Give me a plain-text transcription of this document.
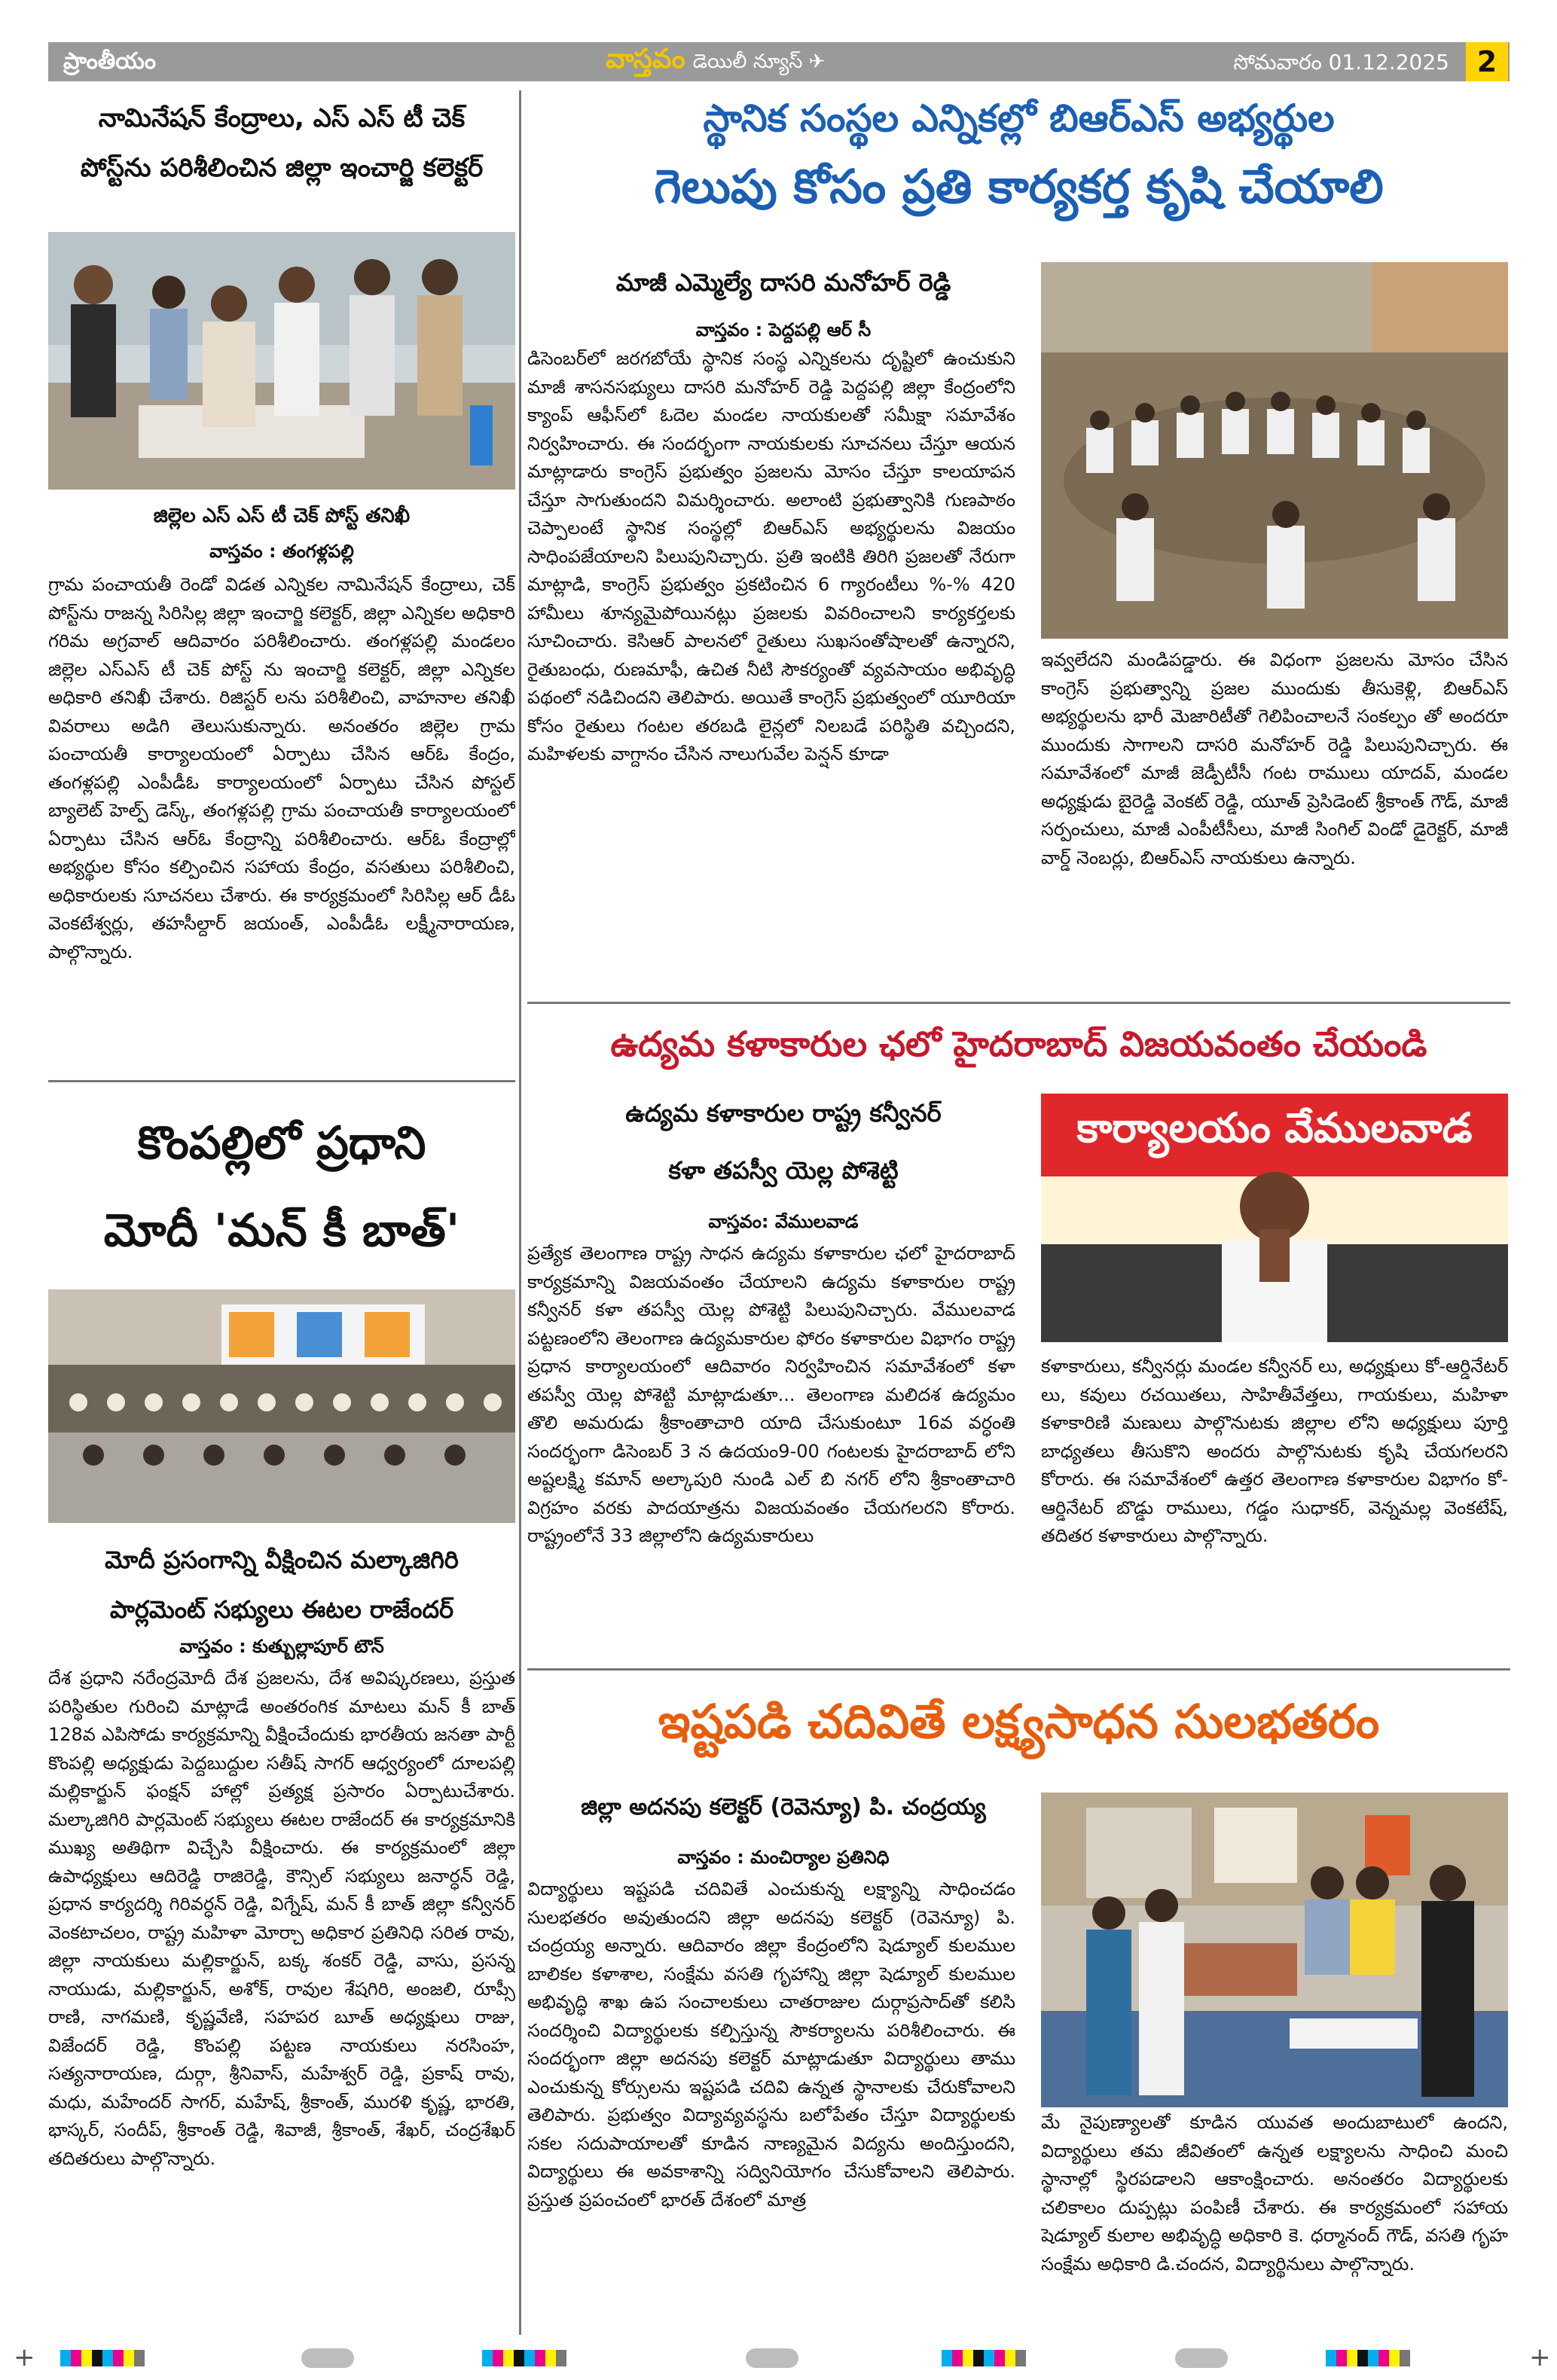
ప్రాంతీయం	వాస్తవం డెయిలీ న్యూస్ ✈	సోమవారం 01.12.2025 2
నామినేషన్ కేంద్రాలు, ఎస్ ఎస్ టీ చెక్
పోస్ట్‌ను పరిశీలించిన జిల్లా ఇంచార్జి కలెక్టర్
జిల్లెల ఎస్ ఎస్ టీ చెక్ పోస్ట్ తనిఖీ
వాస్తవం : తంగళ్లపల్లి
గ్రామ పంచాయతీ రెండో విడత ఎన్నికల నామినేషన్ కేంద్రాలు, చెక్ పోస్ట్‌ను రాజన్న సిరిసిల్ల జిల్లా ఇంచార్జి కలెక్టర్, జిల్లా ఎన్నికల అధికారి గరిమ అగ్రవాల్ ఆదివారం పరిశీలించారు. తంగళ్లపల్లి మండలం జిల్లెల ఎస్ఎస్ టీ చెక్ పోస్ట్ ను ఇంచార్జి కలెక్టర్, జిల్లా ఎన్నికల అధికారి తనిఖీ చేశారు. రిజిస్టర్ లను పరిశీలించి, వాహనాల తనిఖీ వివరాలు అడిగి తెలుసుకున్నారు. అనంతరం జిల్లెల గ్రామ పంచాయతీ కార్యాలయంలో ఏర్పాటు చేసిన ఆర్‌ఓ కేంద్రం, తంగళ్లపల్లి ఎంపీడీఓ కార్యాలయంలో ఏర్పాటు చేసిన పోస్టల్ బ్యాలెట్ హెల్ప్ డెస్క్, తంగళ్లపల్లి గ్రామ పంచాయతీ కార్యాలయంలో ఏర్పాటు చేసిన ఆర్‌ఓ కేంద్రాన్ని పరిశీలించారు. ఆర్‌ఓ కేంద్రాల్లో అభ్యర్థుల కోసం కల్పించిన సహాయ కేంద్రం, వసతులు పరిశీలించి, అధికారులకు సూచనలు చేశారు. ఈ కార్యక్రమంలో సిరిసిల్ల ఆర్ డీఓ వెంకటేశ్వర్లు, తహసీల్దార్ జయంత్, ఎంపీడీఓ లక్ష్మీనారాయణ, పాల్గొన్నారు.
కొంపల్లిలో ప్రధాని
మోదీ 'మన్ కీ బాత్'
మోదీ ప్రసంగాన్ని వీక్షించిన మల్కాజిగిరి
పార్లమెంట్ సభ్యులు ఈటల రాజేందర్
వాస్తవం : కుత్బుల్లాపూర్ టౌన్
దేశ ప్రధాని నరేంద్రమోదీ దేశ ప్రజలను, దేశ అవిష్కరణలు, ప్రస్తుత పరిస్థితుల గురించి మాట్లాడే అంతరంగిక మాటలు మన్ కీ బాత్ 128వ ఎపిసోడు కార్యక్రమాన్ని వీక్షించేందుకు భారతీయ జనతా పార్టీ కొంపల్లి అధ్యక్షుడు పెద్దబుద్దుల సతీష్ సాగర్ ఆధ్వర్యంలో దూలపల్లి మల్లికార్జున్ ఫంక్షన్ హాల్లో ప్రత్యక్ష ప్రసారం ఏర్పాటుచేశారు. మల్కాజిగిరి పార్లమెంట్ సభ్యులు ఈటల రాజేందర్ ఈ కార్యక్రమానికి ముఖ్య అతిథిగా విచ్చేసి వీక్షించారు. ఈ కార్యక్రమంలో జిల్లా ఉపాధ్యక్షులు ఆదిరెడ్డి రాజిరెడ్డి, కౌన్సిల్ సభ్యులు జనార్ధన్ రెడ్డి, ప్రధాన కార్యదర్శి గిరివర్ధన్ రెడ్డి, విగ్నేష్, మన్ కీ బాత్ జిల్లా కన్వీనర్ వెంకటాచలం, రాష్ట్ర మహిళా మోర్చా అధికార ప్రతినిధి సరిత రావు, జిల్లా నాయకులు మల్లికార్జున్, బక్క శంకర్ రెడ్డి, వాసు, ప్రసన్న నాయుడు, మల్లికార్జున్, అశోక్, రావుల శేషగిరి, అంజలి, రూప్సీ రాణి, నాగమణి, కృష్ణవేణి, సహపర బూత్ అధ్యక్షులు రాజు, విజేందర్ రెడ్డి, కొంపల్లి పట్టణ నాయకులు నరసింహ, సత్యనారాయణ, దుర్గా, శ్రీనివాస్, మహేశ్వర్ రెడ్డి, ప్రకాష్ రావు, మధు, మహేందర్ సాగర్, మహేష్, శ్రీకాంత్, మురళి కృష్ణ, భారతి, భాస్కర్, సందీప్, శ్రీకాంత్ రెడ్డి, శివాజీ, శ్రీకాంత్, శేఖర్, చంద్రశేఖర్ తదితరులు పాల్గొన్నారు.
స్థానిక సంస్థల ఎన్నికల్లో బిఆర్ఎస్ అభ్యర్థుల
గెలుపు కోసం ప్రతి కార్యకర్త కృషి చేయాలి
మాజీ ఎమ్మెల్యే దాసరి మనోహర్ రెడ్డి
వాస్తవం : పెద్దపల్లి ఆర్ సీ
డిసెంబర్‌లో జరగబోయే స్థానిక సంస్థ ఎన్నికలను దృష్టిలో ఉంచుకుని మాజీ శాసనసభ్యులు దాసరి మనోహర్ రెడ్డి పెద్దపల్లి జిల్లా కేంద్రంలోని క్యాంప్ ఆఫీస్‌లో ఓదెల మండల నాయకులతో సమీక్షా సమావేశం నిర్వహించారు. ఈ సందర్భంగా నాయకులకు సూచనలు చేస్తూ ఆయన మాట్లాడారు కాంగ్రెస్ ప్రభుత్వం ప్రజలను మోసం చేస్తూ కాలయాపన చేస్తూ సాగుతుందని విమర్శించారు. అలాంటి ప్రభుత్వానికి గుణపాఠం చెప్పాలంటే స్థానిక సంస్థల్లో బిఆర్ఎస్ అభ్యర్థులను విజయం సాధింపజేయాలని పిలుపునిచ్చారు. ప్రతి ఇంటికి తిరిగి ప్రజలతో నేరుగా మాట్లాడి, కాంగ్రెస్ ప్రభుత్వం ప్రకటించిన 6 గ్యారంటీలు %-% 420 హామీలు శూన్యమైపోయినట్లు ప్రజలకు వివరించాలని కార్యకర్తలకు సూచించారు. కెసిఆర్ పాలనలో రైతులు సుఖసంతోషాలతో ఉన్నారని, రైతుబంధు, రుణమాఫీ, ఉచిత నీటి సౌకర్యంతో వ్యవసాయం అభివృద్ధి పథంలో నడిచిందని తెలిపారు. అయితే కాంగ్రెస్ ప్రభుత్వంలో యూరియా కోసం రైతులు గంటల తరబడి లైన్లలో నిలబడే పరిస్థితి వచ్చిందని, మహిళలకు వాగ్దానం చేసిన నాలుగువేల పెన్షన్ కూడా
ఇవ్వలేదని మండిపడ్డారు. ఈ విధంగా ప్రజలను మోసం చేసిన కాంగ్రెస్ ప్రభుత్వాన్ని ప్రజల ముందుకు తీసుకెళ్లి, బిఆర్ఎస్ అభ్యర్థులను భారీ మెజారిటీతో గెలిపించాలనే సంకల్పం తో అందరూ ముందుకు సాగాలని దాసరి మనోహర్ రెడ్డి పిలుపునిచ్చారు. ఈ సమావేశంలో మాజీ జెడ్పీటీసీ గంట రాములు యాదవ్, మండల అధ్యక్షుడు బైరెడ్డి వెంకట్ రెడ్డి, యూత్ ప్రెసిడెంట్ శ్రీకాంత్ గౌడ్, మాజీ సర్పంచులు, మాజీ ఎంపీటీసీలు, మాజీ సింగిల్ విండో డైరెక్టర్, మాజీ వార్డ్ నెంబర్లు, బిఆర్ఎస్ నాయకులు ఉన్నారు.
ఉద్యమ కళాకారుల ఛలో హైదరాబాద్ విజయవంతం చేయండి
ఉద్యమ కళాకారుల రాష్ట్ర కన్వీనర్
కళా తపస్వీ యెల్ల పోశెట్టి
వాస్తవం: వేములవాడ
ప్రత్యేక తెలంగాణ రాష్ట్ర సాధన ఉద్యమ కళాకారుల ఛలో హైదరాబాద్ కార్యక్రమాన్ని విజయవంతం చేయాలని ఉద్యమ కళాకారుల రాష్ట్ర కన్వీనర్ కళా తపస్వీ యెల్ల పోశెట్టి పిలుపునిచ్చారు. వేములవాడ పట్టణంలోని తెలంగాణ ఉద్యమకారుల ఫోరం కళాకారుల విభాగం రాష్ట్ర ప్రధాన కార్యాలయంలో ఆదివారం నిర్వహించిన సమావేశంలో కళా తపస్వీ యెల్ల పోశెట్టి మాట్లాడుతూ... తెలంగాణ మలిదశ ఉద్యమం తొలి అమరుడు శ్రీకాంతాచారి యాది చేసుకుంటూ 16వ వర్ధంతి సందర్భంగా డిసెంబర్ 3 న ఉదయం9-00 గంటలకు హైదరాబాద్ లోని అష్టలక్ష్మి కమాన్ అల్కాపురి నుండి ఎల్ బి నగర్ లోని శ్రీకాంతాచారి విగ్రహం వరకు పాదయాత్రను విజయవంతం చేయగలరని కోరారు. రాష్ట్రంలోనే 33 జిల్లాలోని ఉద్యమకారులు
కార్యాలయం వేములవాడ
కళాకారులు, కన్వీనర్లు మండల కన్వీనర్ లు, అధ్యక్షులు కో-ఆర్డినేటర్ లు, కవులు రచయితలు, సాహితీవేత్తలు, గాయకులు, మహిళా కళాకారిణి మణులు పాల్గొనుటకు జిల్లాల లోని అధ్యక్షులు పూర్తి బాధ్యతలు తీసుకొని అందరు పాల్గొనుటకు కృషి చేయగలరని కోరారు. ఈ సమావేశంలో ఉత్తర తెలంగాణ కళాకారుల విభాగం కో-ఆర్డినేటర్ బొడ్డు రాములు, గడ్డం సుధాకర్, వెన్నమల్ల వెంకటేష్, తదితర కళాకారులు పాల్గొన్నారు.
ఇష్టపడి చదివితే లక్ష్యసాధన సులభతరం
జిల్లా అదనపు కలెక్టర్ (రెవెన్యూ) పి. చంద్రయ్య
వాస్తవం : మంచిర్యాల ప్రతినిధి
విద్యార్థులు ఇష్టపడి చదివితే ఎంచుకున్న లక్ష్యాన్ని సాధించడం సులభతరం అవుతుందని జిల్లా అదనపు కలెక్టర్ (రెవెన్యూ) పి. చంద్రయ్య అన్నారు. ఆదివారం జిల్లా కేంద్రంలోని షెడ్యూల్ కులముల బాలికల కళాశాల, సంక్షేమ వసతి గృహాన్ని జిల్లా షెడ్యూల్ కులముల అభివృద్ధి శాఖ ఉప సంచాలకులు చాతరాజుల దుర్గాప్రసాద్‌తో కలిసి సందర్శించి విద్యార్థులకు కల్పిస్తున్న సౌకర్యాలను పరిశీలించారు. ఈ సందర్భంగా జిల్లా అదనపు కలెక్టర్ మాట్లాడుతూ విద్యార్థులు తాము ఎంచుకున్న కోర్సులను ఇష్టపడి చదివి ఉన్నత స్థానాలకు చేరుకోవాలని తెలిపారు. ప్రభుత్వం విద్యావ్యవస్థను బలోపేతం చేస్తూ విద్యార్థులకు సకల సదుపాయాలతో కూడిన నాణ్యమైన విద్యను అందిస్తుందని, విద్యార్థులు ఈ అవకాశాన్ని సద్వినియోగం చేసుకోవాలని తెలిపారు. ప్రస్తుత ప్రపంచంలో భారత్ దేశంలో మాత్ర
మే నైపుణ్యాలతో కూడిన యువత అందుబాటులో ఉందని, విద్యార్థులు తమ జీవితంలో ఉన్నత లక్ష్యాలను సాధించి మంచి స్థానాల్లో స్థిరపడాలని ఆకాంక్షించారు. అనంతరం విద్యార్థులకు చలికాలం దుప్పట్లు పంపిణీ చేశారు. ఈ కార్యక్రమంలో సహాయ షెడ్యూల్ కులాల అభివృద్ధి అధికారి కె. ధర్మానంద్ గౌడ్, వసతి గృహ సంక్షేమ అధికారి డి.చందన, విద్యార్థినులు పాల్గొన్నారు.
+	+
